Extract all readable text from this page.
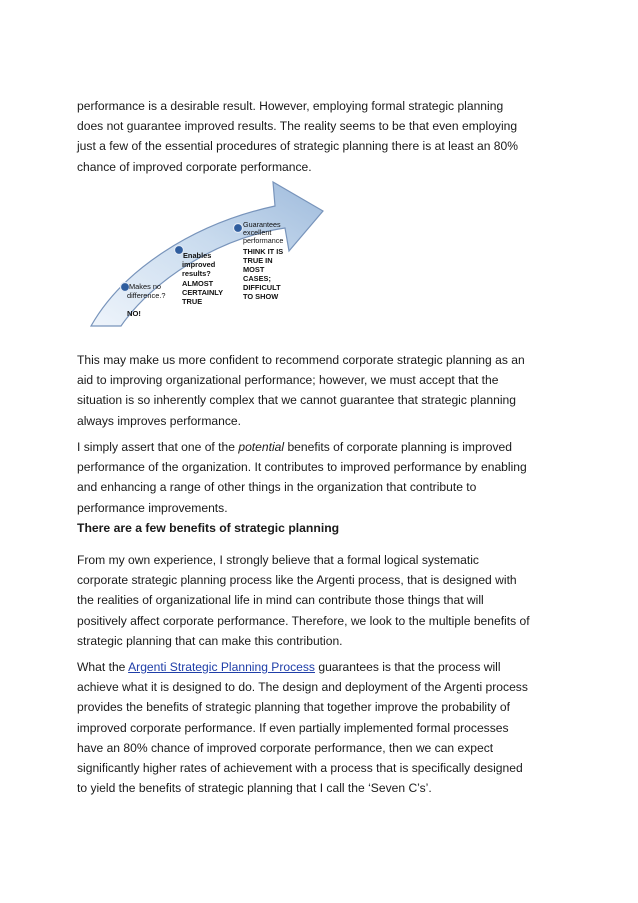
performance is a desirable result. However, employing formal strategic planning
does not guarantee improved results. The reality seems to be that even employing
just a few of the essential procedures of strategic planning there is at least an 80%
chance of improved corporate performance.

Makes no difference.?
NO!
Enables improved results? ALMOST CERTAINLY TRUE
Guarantees excellent performance
THINK IT IS TRUE IN MOST CASES; DIFFICULT TO SHOW

This may make us more confident to recommend corporate strategic planning as an
aid to improving organizational performance; however, we must accept that the
situation is so inherently complex that we cannot guarantee that strategic planning
always improves performance.

I simply assert that one of the potential benefits of corporate planning is improved
performance of the organization. It contributes to improved performance by enabling
and enhancing a range of other things in the organization that contribute to
performance improvements.

There are a few benefits of strategic planning

From my own experience, I strongly believe that a formal logical systematic
corporate strategic planning process like the Argenti process, that is designed with
the realities of organizational life in mind can contribute those things that will
positively affect corporate performance. Therefore, we look to the multiple benefits of
strategic planning that can make this contribution.

What the Argenti Strategic Planning Process guarantees is that the process will
achieve what it is designed to do. The design and deployment of the Argenti process
provides the benefits of strategic planning that together improve the probability of
improved corporate performance. If even partially implemented formal processes
have an 80% chance of improved corporate performance, then we can expect
significantly higher rates of achievement with a process that is specifically designed
to yield the benefits of strategic planning that I call the ‘Seven C’s’.
